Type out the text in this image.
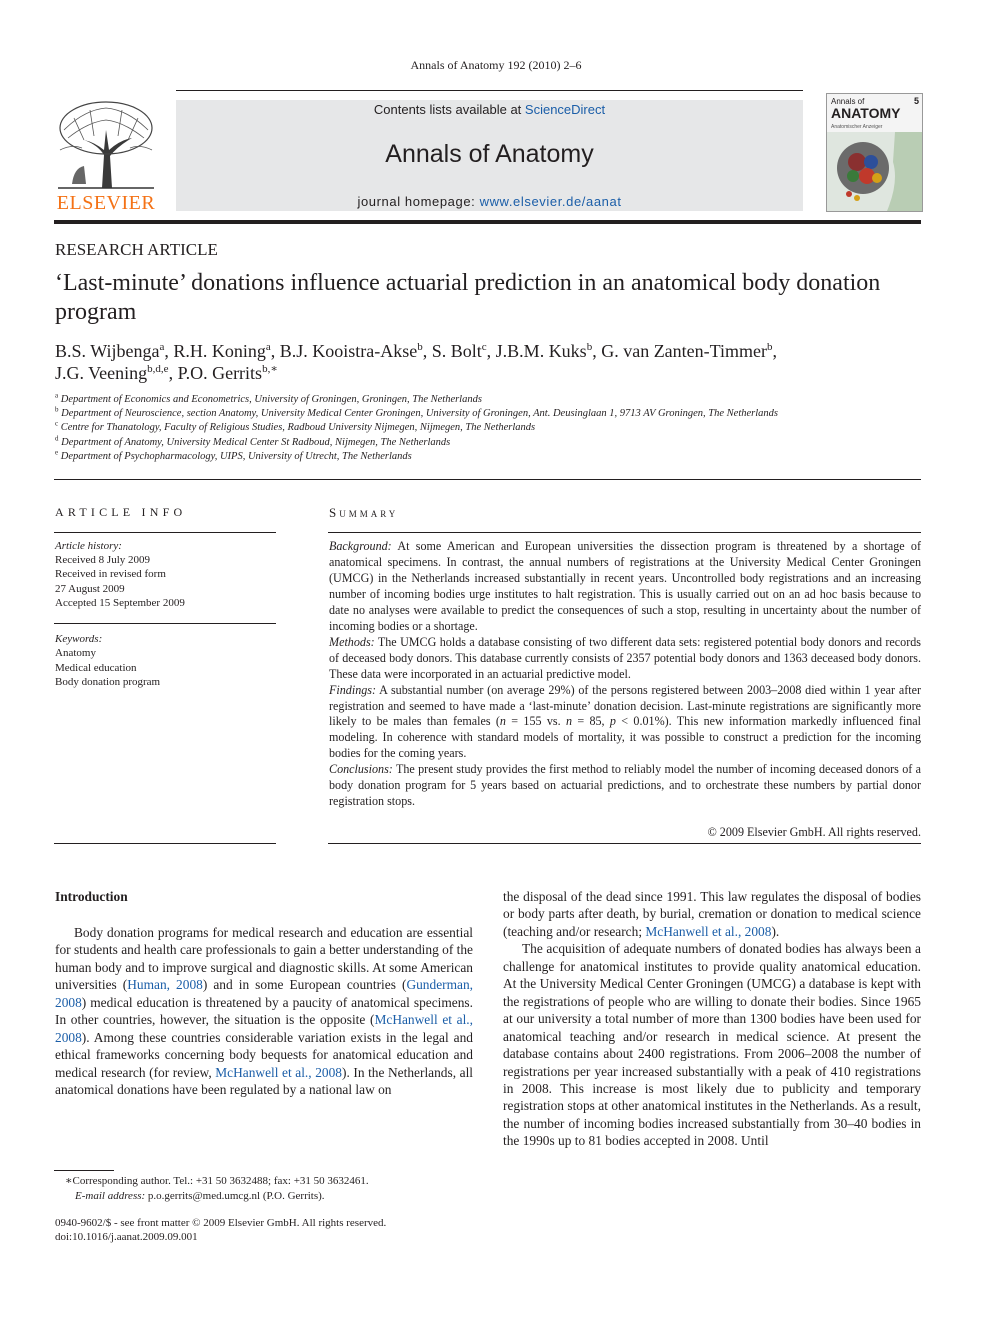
Annals of Anatomy 192 (2010) 2–6
ELSEVIER
Contents lists available at ScienceDirect
Annals of Anatomy
journal homepage: www.elsevier.de/aanat
Annals of
ANATOMY
5
Anatomischer Anzeiger
RESEARCH ARTICLE
‘Last-minute’ donations influence actuarial prediction in an anatomical body donation program
B.S. Wijbenga$^a$, R.H. Koning$^a$, B.J. Kooistra-Akse$^b$, S. Bolt$^c$, J.B.M. Kuks$^b$, G. van Zanten-Timmer$^b$,
J.G. Veening$^{b,d,e}$, P.O. Gerrits$^{b,∗}$
$^a$ Department of Economics and Econometrics, University of Groningen, Groningen, The Netherlands
$^b$ Department of Neuroscience, section Anatomy, University Medical Center Groningen, University of Groningen, Ant. Deusinglaan 1, 9713 AV Groningen, The Netherlands
$^c$ Centre for Thanatology, Faculty of Religious Studies, Radboud University Nijmegen, Nijmegen, The Netherlands
$^d$ Department of Anatomy, University Medical Center St Radboud, Nijmegen, The Netherlands
$^e$ Department of Psychopharmacology, UIPS, University of Utrecht, The Netherlands
ARTICLE INFO
Article history:
Received 8 July 2009
Received in revised form
27 August 2009
Accepted 15 September 2009
Keywords:
Anatomy
Medical education
Body donation program
Summary

Background: At some American and European universities the dissection program is threatened by a shortage of anatomical specimens. In contrast, the annual numbers of registrations at the University Medical Center Groningen (UMCG) in the Netherlands increased substantially in recent years. Uncontrolled body registrations and an increasing number of incoming bodies urge institutes to halt registration. This is usually carried out on an ad hoc basis because to date no analyses were available to predict the consequences of such a stop, resulting in uncertainty about the number of incoming bodies or a shortage.

Methods: The UMCG holds a database consisting of two different data sets: registered potential body donors and records of deceased body donors. This database currently consists of 2357 potential body donors and 1363 deceased body donors. These data were incorporated in an actuarial predictive model.

Findings: A substantial number (on average 29%) of the persons registered between 2003–2008 died within 1 year after registration and seemed to have made a ‘last-minute’ donation decision. Last-minute registrations are significantly more likely to be males than females (n = 155 vs. n = 85, p < 0.01%). This new information markedly influenced final modeling. In coherence with standard models of mortality, it was possible to construct a prediction for the incoming bodies for the coming years.

Conclusions: The present study provides the first method to reliably model the number of incoming deceased donors of a body donation program for 5 years based on actuarial predictions, and to orchestrate these numbers by partial donor registration stops.

© 2009 Elsevier GmbH. All rights reserved.
Introduction

Body donation programs for medical research and education are essential for students and health care professionals to gain a better understanding of the human body and to improve surgical and diagnostic skills. At some American universities (Human, 2008) and in some European countries (Gunderman, 2008) medical education is threatened by a paucity of anatomical specimens. In other countries, however, the situation is the opposite (McHanwell et al., 2008). Among these countries considerable variation exists in the legal and ethical frameworks concerning body bequests for anatomical education and medical research (for review, McHanwell et al., 2008). In the Netherlands, all anatomical donations have been regulated by a national law on

the disposal of the dead since 1991. This law regulates the disposal of bodies or body parts after death, by burial, cremation or donation to medical science (teaching and/or research; McHanwell et al., 2008).

The acquisition of adequate numbers of donated bodies has always been a challenge for anatomical institutes to provide quality anatomical education. At the University Medical Center Groningen (UMCG) a database is kept with the registrations of people who are willing to donate their bodies. Since 1965 at our university a total number of more than 1300 bodies have been used for anatomical teaching and/or research in medical science. At present the database contains about 2400 registrations. From 2006–2008 the number of registrations per year increased substantially with a peak of 410 registrations in 2008. This increase is most likely due to publicity and temporary registration stops at other anatomical institutes in the Netherlands. As a result, the number of incoming bodies increased substantially from 30–40 bodies in the 1990s up to 81 bodies accepted in 2008. Until

∗Corresponding author. Tel.: +31 50 3632488; fax: +31 50 3632461.
E-mail address: p.o.gerrits@med.umcg.nl (P.O. Gerrits).
0940-9602/$ - see front matter © 2009 Elsevier GmbH. All rights reserved.
doi:10.1016/j.aanat.2009.09.001
